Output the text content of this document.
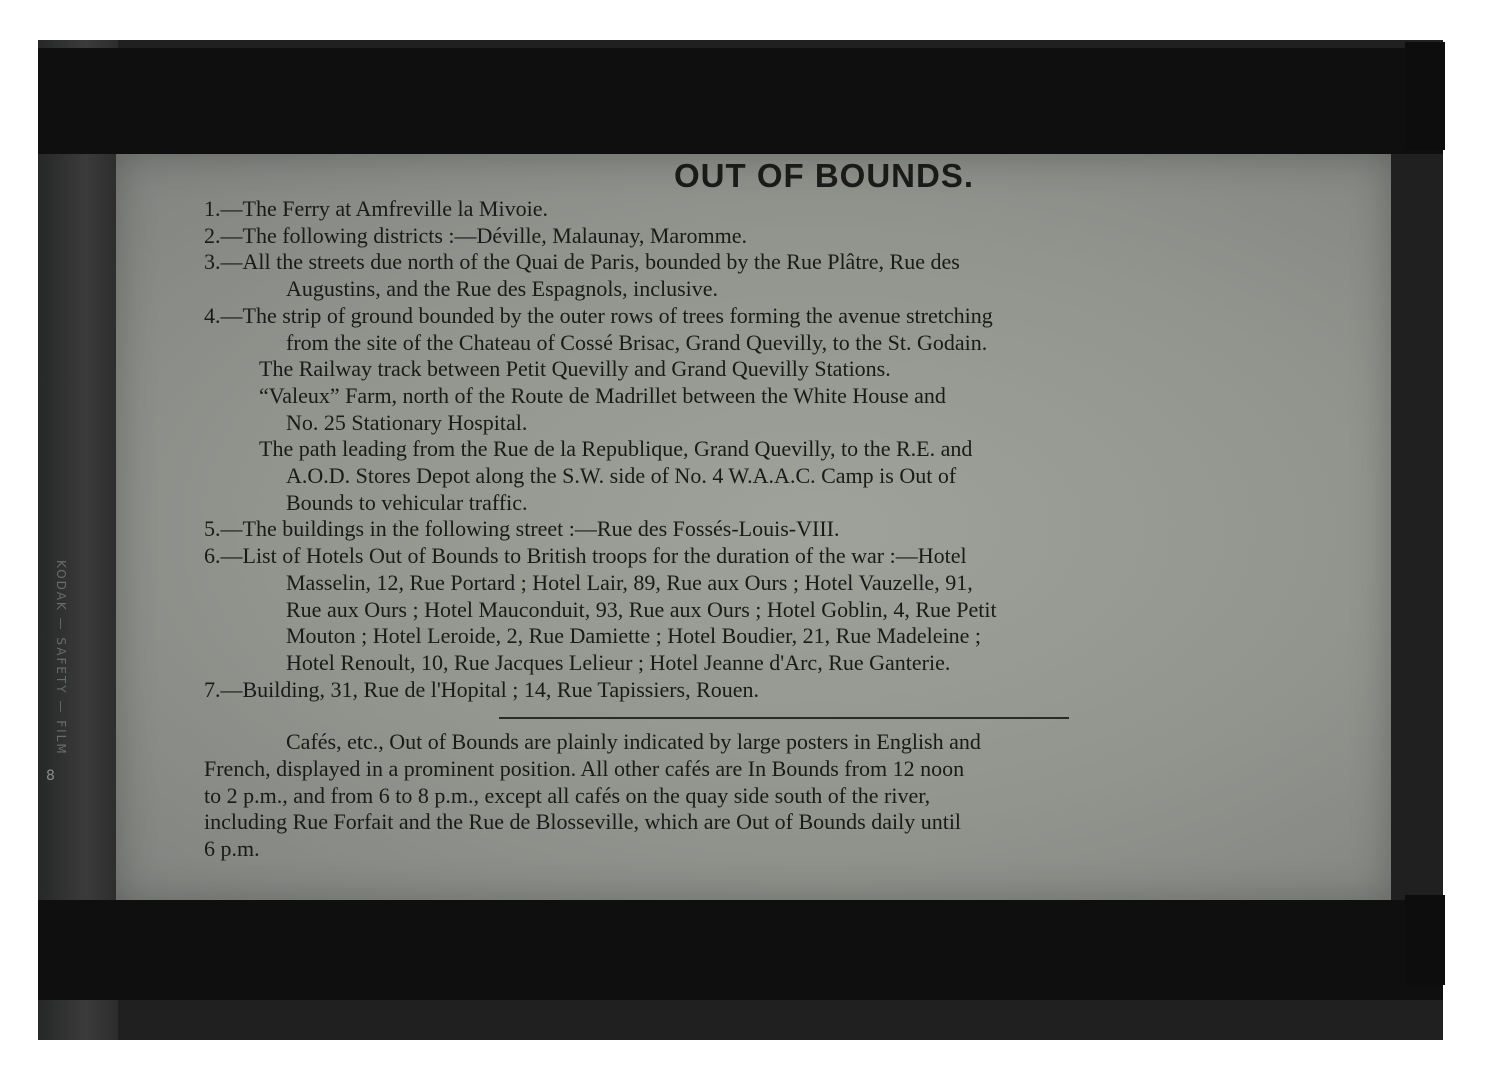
KODAK — SAFETY — FILM
8
OUT OF BOUNDS.
1.—The Ferry at Amfreville la Mivoie.
2.—The following districts :—Déville, Malaunay, Maromme.
3.—All the streets due north of the Quai de Paris, bounded by the Rue Plâtre, Rue des
Augustins, and the Rue des Espagnols, inclusive.
4.—The strip of ground bounded by the outer rows of trees forming the avenue stretching
from the site of the Chateau of Cossé Brisac, Grand Quevilly, to the St. Godain.
The Railway track between Petit Quevilly and Grand Quevilly Stations.
“Valeux” Farm, north of the Route de Madrillet between the White House and
No. 25 Stationary Hospital.
The path leading from the Rue de la Republique, Grand Quevilly, to the R.E. and
A.O.D. Stores Depot along the S.W. side of No. 4 W.A.A.C. Camp is Out of
Bounds to vehicular traffic.
5.—The buildings in the following street :—Rue des Fossés-Louis-VIII.
6.—List of Hotels Out of Bounds to British troops for the duration of the war :—Hotel
Masselin, 12, Rue Portard ; Hotel Lair, 89, Rue aux Ours ; Hotel Vauzelle, 91,
Rue aux Ours ; Hotel Mauconduit, 93, Rue aux Ours ; Hotel Goblin, 4, Rue Petit
Mouton ; Hotel Leroide, 2, Rue Damiette ; Hotel Boudier, 21, Rue Madeleine ;
Hotel Renoult, 10, Rue Jacques Lelieur ; Hotel Jeanne d'Arc, Rue Ganterie.
7.—Building, 31, Rue de l'Hopital ; 14, Rue Tapissiers, Rouen.
Cafés, etc., Out of Bounds are plainly indicated by large posters in English and
French, displayed in a prominent position. All other cafés are In Bounds from 12 noon
to 2 p.m., and from 6 to 8 p.m., except all cafés on the quay side south of the river,
including Rue Forfait and the Rue de Blosseville, which are Out of Bounds daily until
6 p.m.
